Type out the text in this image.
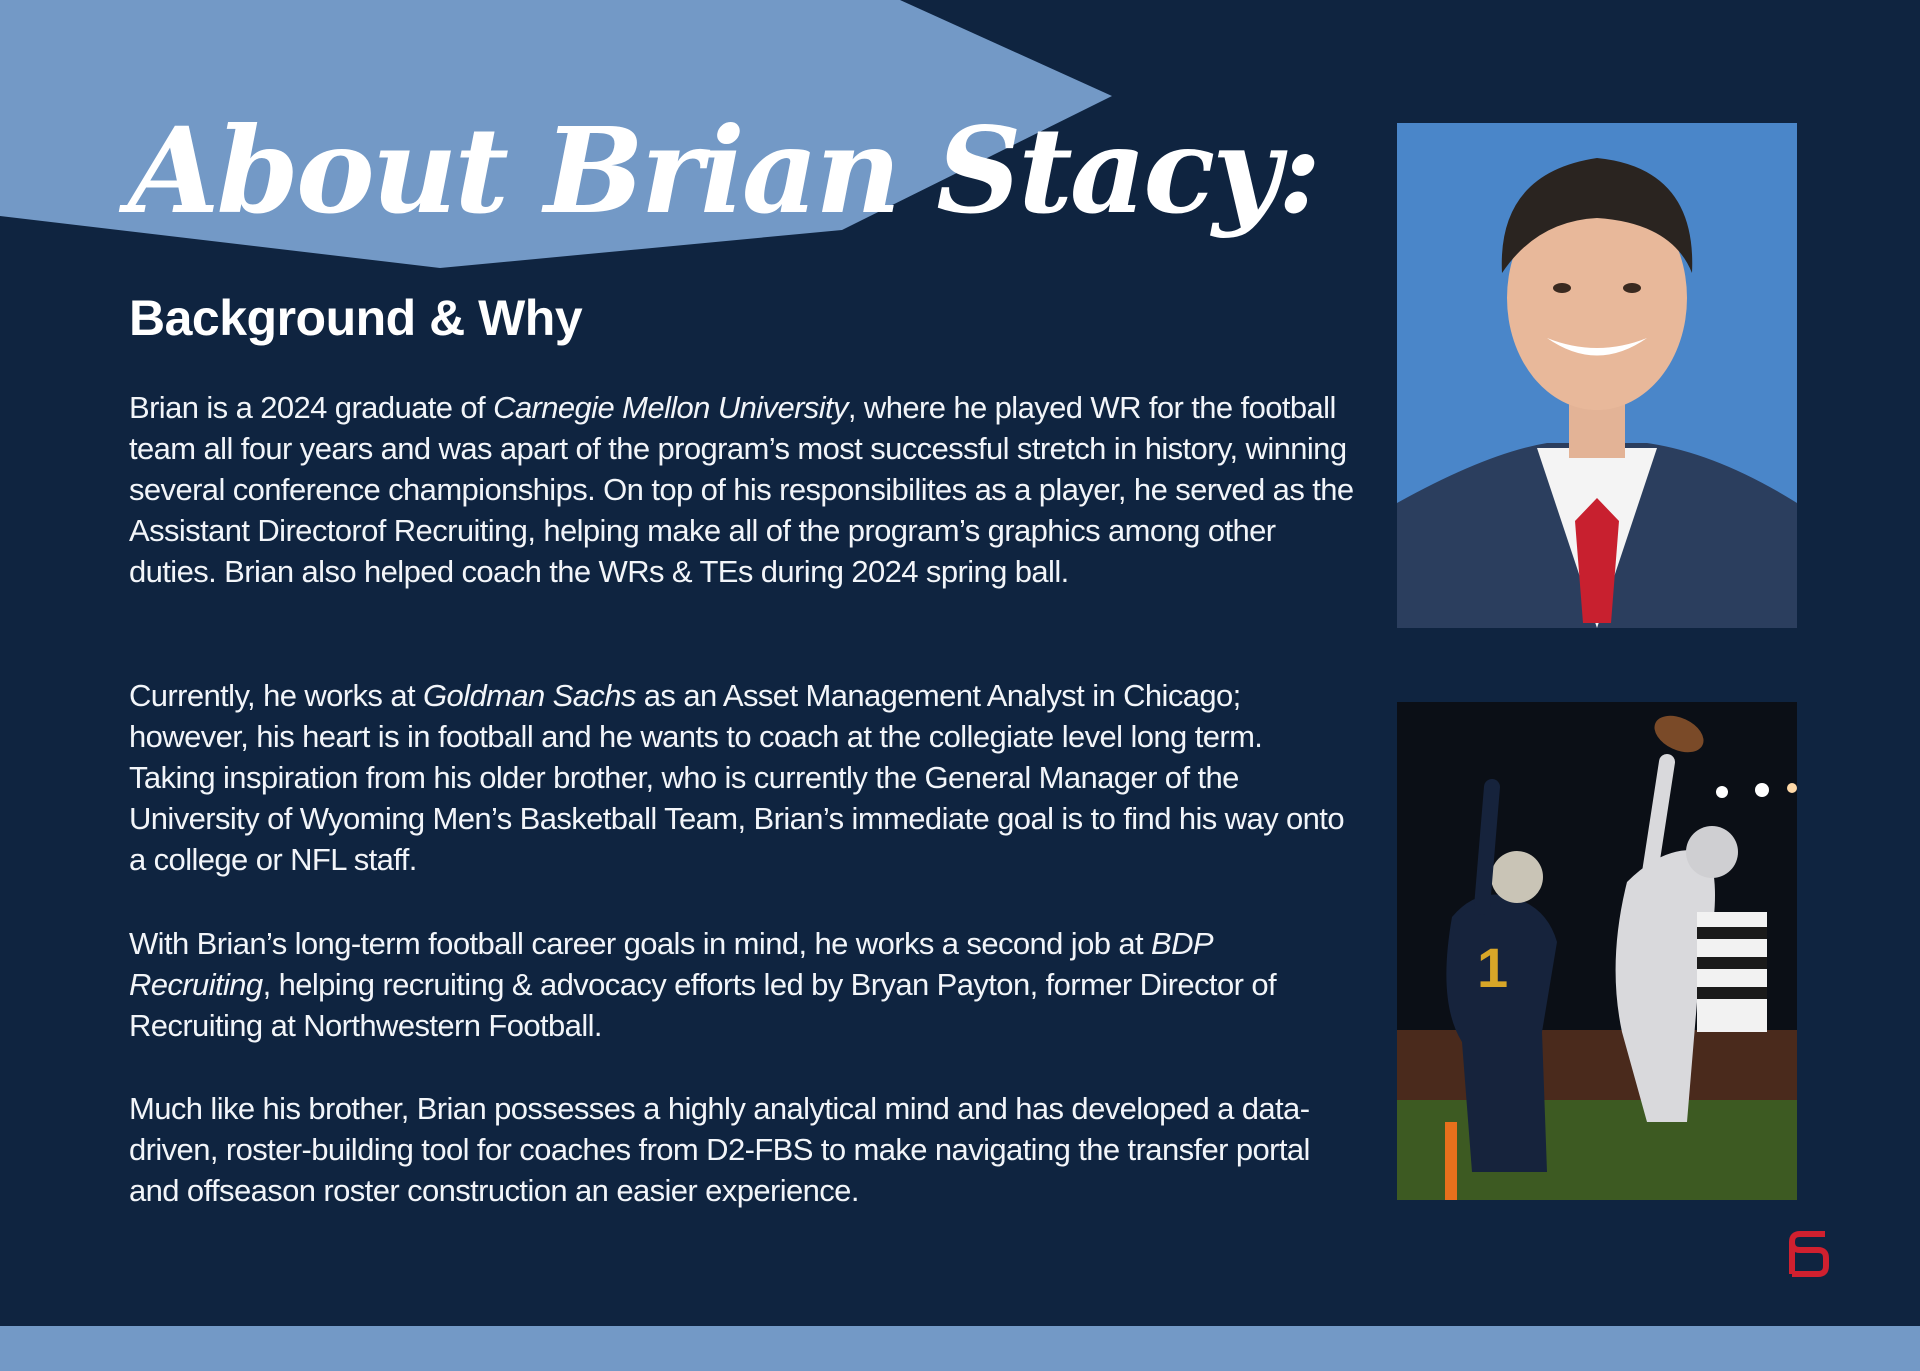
About Brian Stacy:
Background & Why

Brian is a 2024 graduate of Carnegie Mellon University, where he played WR for the football team all four years and was apart of the program’s most successful stretch in history, winning several conference championships. On top of his responsibilites as a player, he served as the Assistant Directorof Recruiting, helping make all of the program’s graphics among other duties. Brian also helped coach the WRs & TEs during 2024 spring ball.

Currently, he works at Goldman Sachs as an Asset Management Analyst in Chicago; however, his heart is in football and he wants to coach at the collegiate level long term. Taking inspiration from his older brother, who is currently the General Manager of the University of Wyoming Men’s Basketball Team, Brian’s immediate goal is to find his way onto a college or NFL staff.

With Brian’s long-term football career goals in mind, he works a second job at BDP Recruiting, helping recruiting & advocacy efforts led by Bryan Payton, former Director of Recruiting at Northwestern Football.

Much like his brother, Brian possesses a highly analytical mind and has developed a data-driven, roster-building tool for coaches from D2-FBS to make navigating the transfer portal and offseason roster construction an easier experience.

1
